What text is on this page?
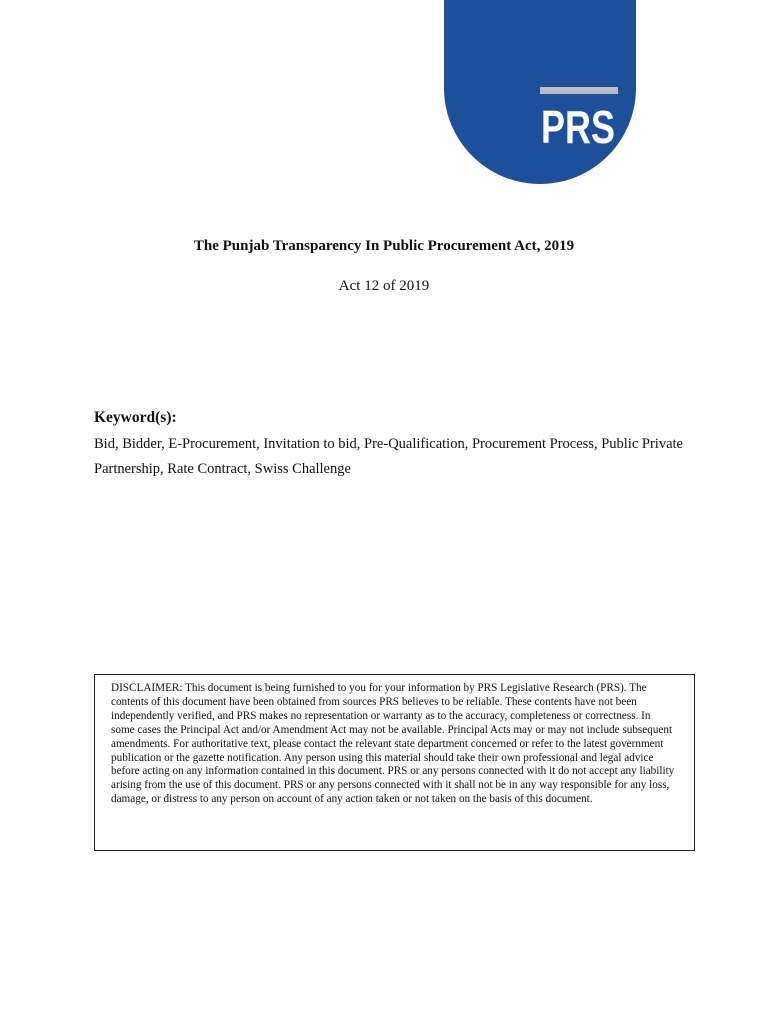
PRS
The Punjab Transparency In Public Procurement Act, 2019
Act 12 of 2019
Keyword(s):
Bid, Bidder, E-Procurement, Invitation to bid, Pre-Qualification, Procurement Process, Public Private Partnership, Rate Contract, Swiss Challenge
DISCLAIMER: This document is being furnished to you for your information by PRS Legislative Research (PRS). The contents of this document have been obtained from sources PRS believes to be reliable. These contents have not been independently verified, and PRS makes no representation or warranty as to the accuracy, completeness or correctness. In some cases the Principal Act and/or Amendment Act may not be available. Principal Acts may or may not include subsequent amendments. For authoritative text, please contact the relevant state department concerned or refer to the latest government publication or the gazette notification. Any person using this material should take their own professional and legal advice before acting on any information contained in this document. PRS or any persons connected with it do not accept any liability arising from the use of this document. PRS or any persons connected with it shall not be in any way responsible for any loss, damage, or distress to any person on account of any action taken or not taken on the basis of this document.
